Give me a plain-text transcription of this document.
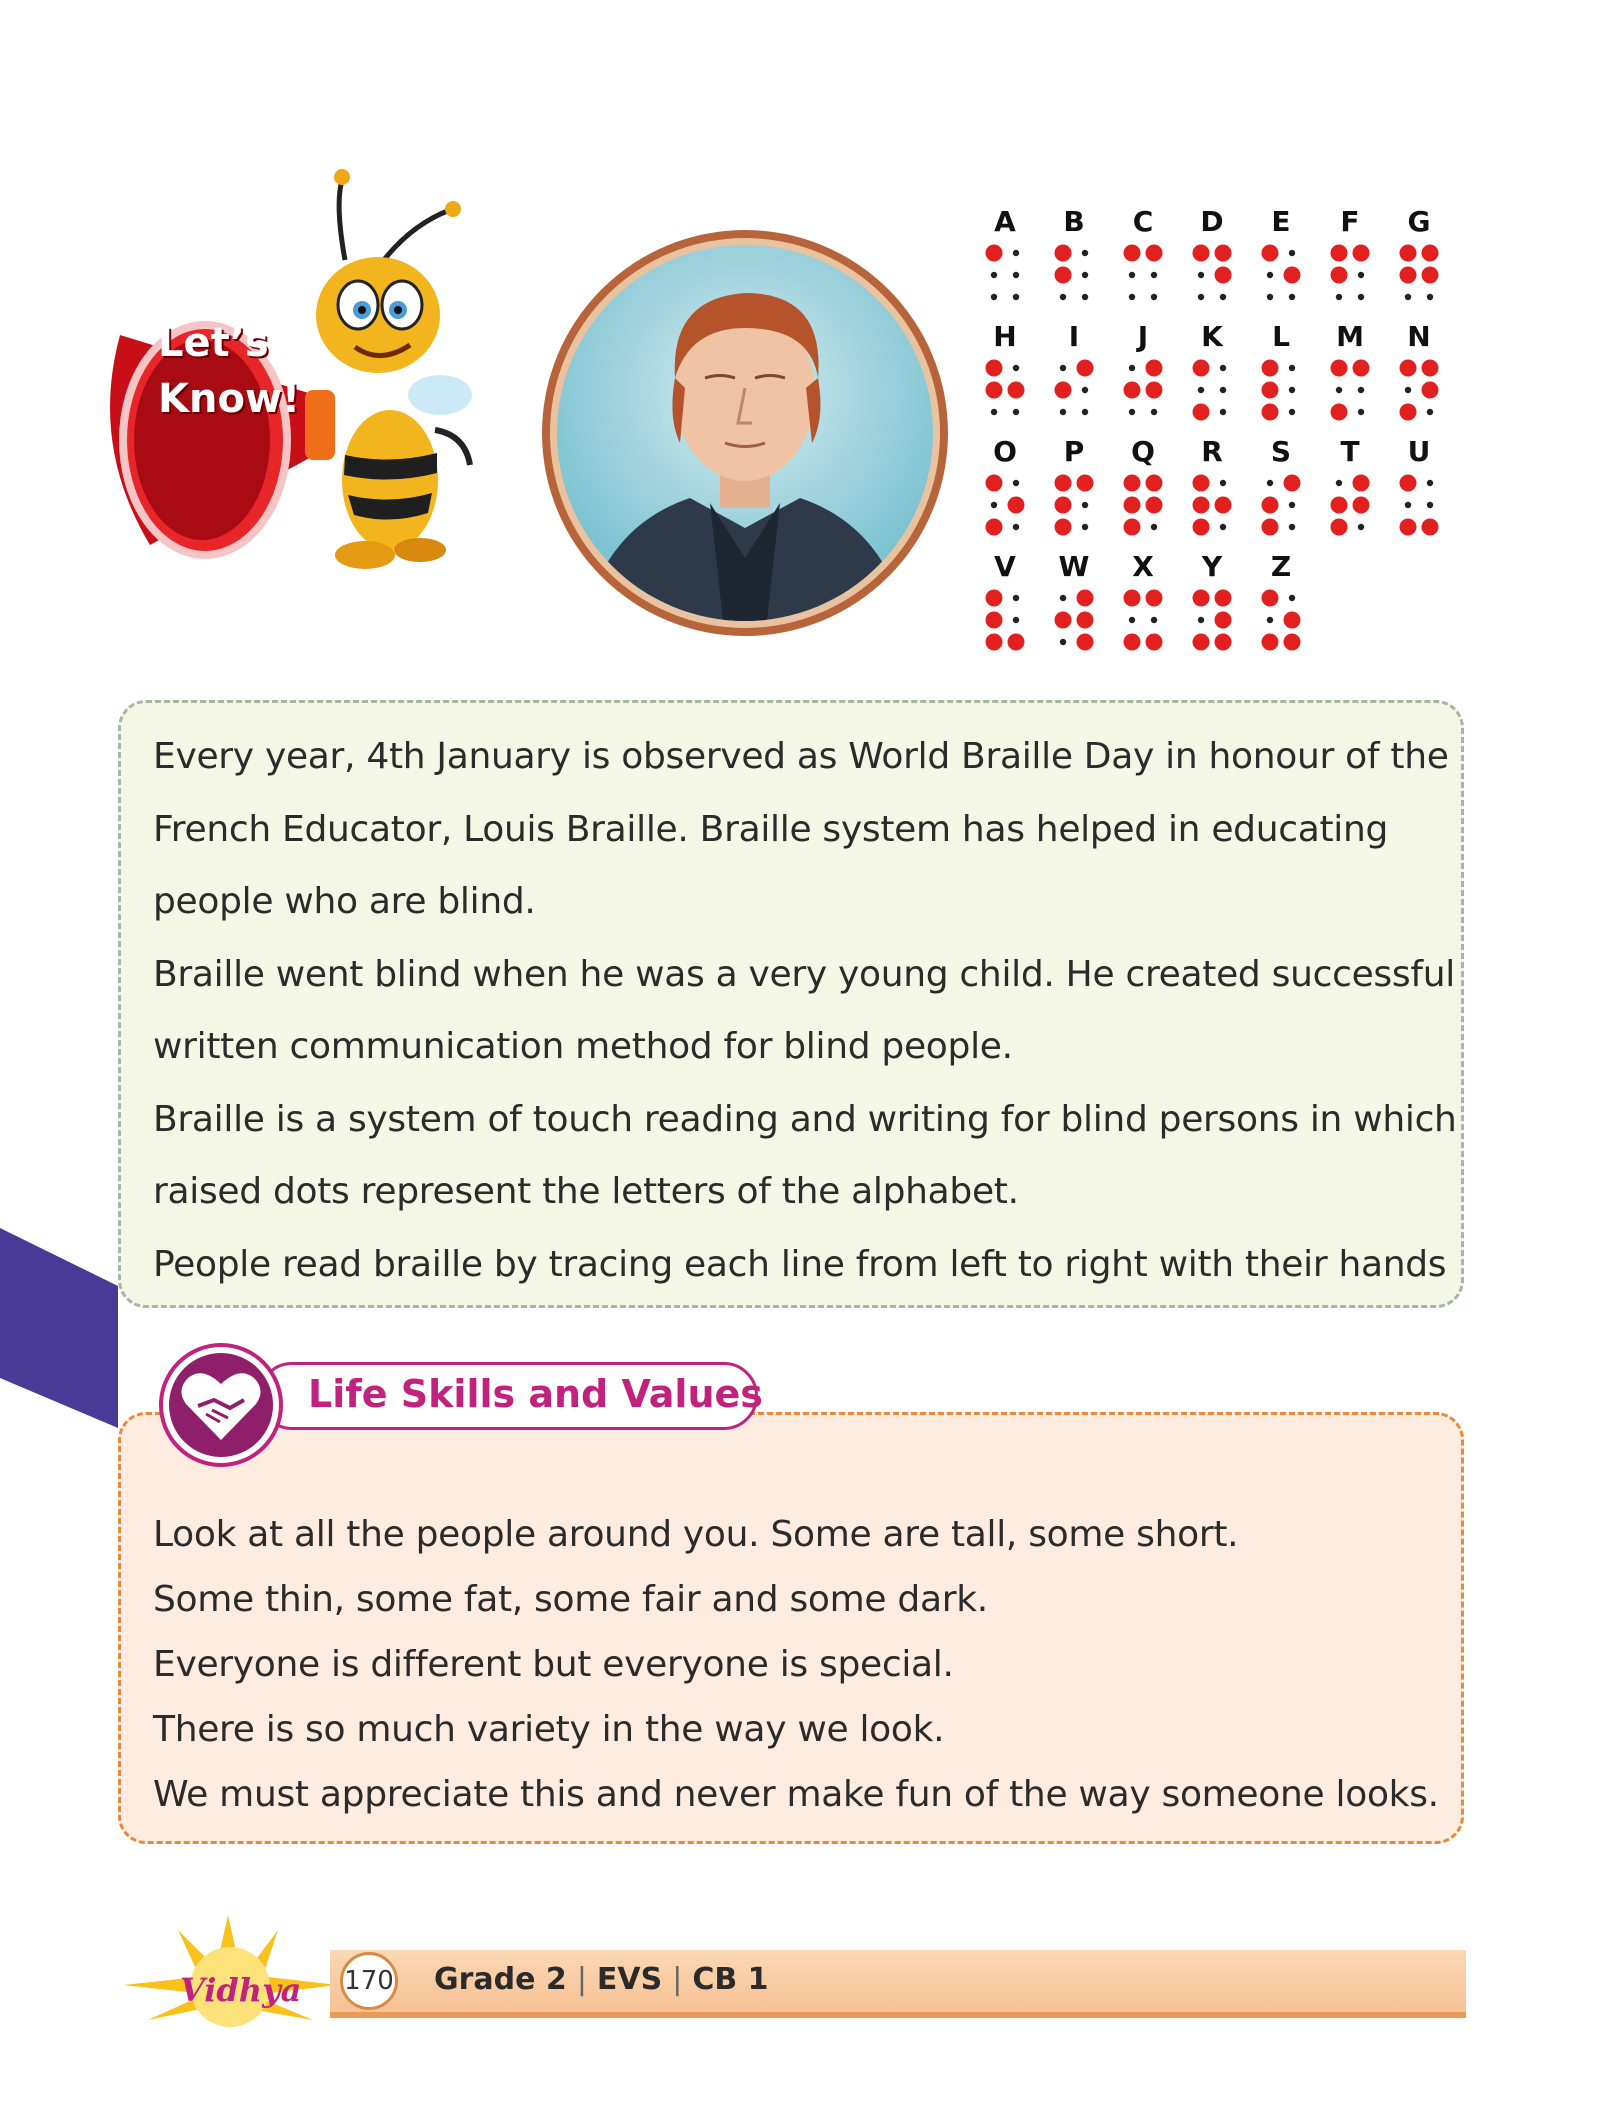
Let’s
Know!
A	B	C	D	E	F	G
H	I	J	K	L	M	N
O	P	Q	R	S	T	U
V	W	X	Y	Z
Every year, 4th January is observed as World Braille Day in honour of the
French Educator, Louis Braille. Braille system has helped in educating
people who are blind.
Braille went blind when he was a very young child. He created successful
written communication method for blind people.
Braille is a system of touch reading and writing for blind persons in which
raised dots represent the letters of the alphabet.
People read braille by tracing each line from left to right with their hands
Look at all the people around you. Some are tall, some short.
Some thin, some fat, some fair and some dark.
Everyone is different but everyone is special.
There is so much variety in the way we look.
We must appreciate this and never make fun of the way someone looks.
Life Skills and Values
Vidhya 170 Grade 2 | EVS | CB 1
